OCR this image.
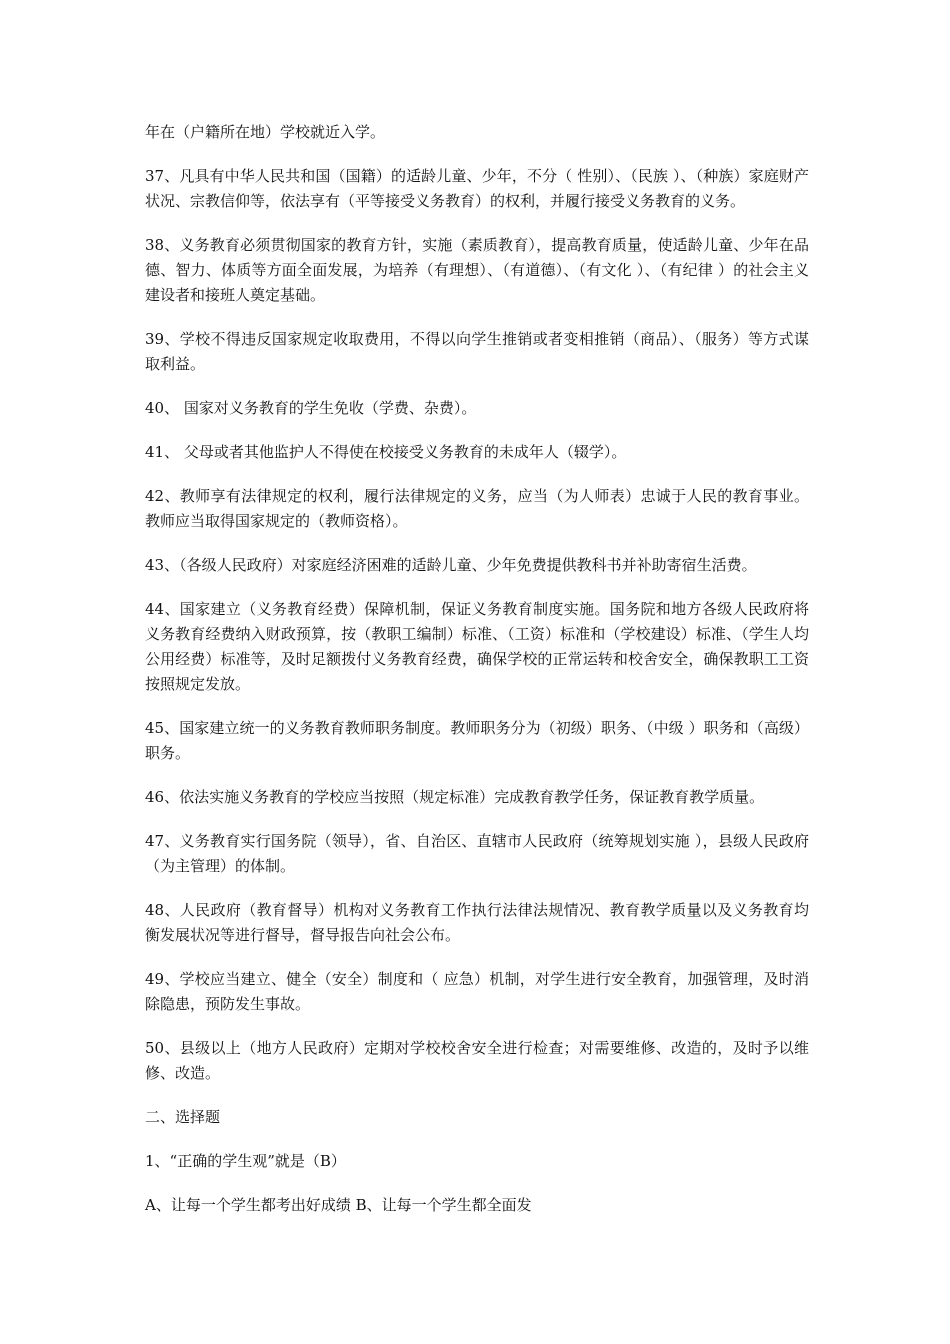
年在（户籍所在地）学校就近入学。

37、凡具有中华人民共和国（国籍）的适龄儿童、少年，不分（ 性别）、（民族 ）、（种族）家庭财产状况、宗教信仰等，依法享有（平等接受义务教育）的权利，并履行接受义务教育的义务。

38、义务教育必须贯彻国家的教育方针，实施（素质教育），提高教育质量，使适龄儿童、少年在品德、智力、体质等方面全面发展，为培养（有理想）、（有道德）、（有文化 ）、（有纪律 ）的社会主义建设者和接班人奠定基础。

39、学校不得违反国家规定收取费用，不得以向学生推销或者变相推销（商品）、（服务）等方式谋取利益。

40、 国家对义务教育的学生免收（学费、杂费）。

41、 父母或者其他监护人不得使在校接受义务教育的未成年人（辍学）。

42、教师享有法律规定的权利，履行法律规定的义务，应当（为人师表）忠诚于人民的教育事业。教师应当取得国家规定的（教师资格）。

43、（各级人民政府）对家庭经济困难的适龄儿童、少年免费提供教科书并补助寄宿生活费。

44、国家建立（义务教育经费）保障机制，保证义务教育制度实施。国务院和地方各级人民政府将义务教育经费纳入财政预算，按（教职工编制）标准、（工资）标准和（学校建设）标准、（学生人均公用经费）标准等，及时足额拨付义务教育经费，确保学校的正常运转和校舍安全，确保教职工工资按照规定发放。

45、国家建立统一的义务教育教师职务制度。教师职务分为（初级）职务、（中级 ）职务和（高级）职务。

46、依法实施义务教育的学校应当按照（规定标准）完成教育教学任务，保证教育教学质量。

47、义务教育实行国务院（领导），省、自治区、直辖市人民政府（统筹规划实施 ），县级人民政府（为主管理）的体制。

48、人民政府（教育督导）机构对义务教育工作执行法律法规情况、教育教学质量以及义务教育均衡发展状况等进行督导，督导报告向社会公布。

49、学校应当建立、健全（安全）制度和（ 应急）机制，对学生进行安全教育，加强管理，及时消除隐患，预防发生事故。

50、县级以上（地方人民政府）定期对学校校舍安全进行检查；对需要维修、改造的，及时予以维修、改造。

二、选择题

1、“正确的学生观”就是（B）

A、让每一个学生都考出好成绩 B、让每一个学生都全面发
